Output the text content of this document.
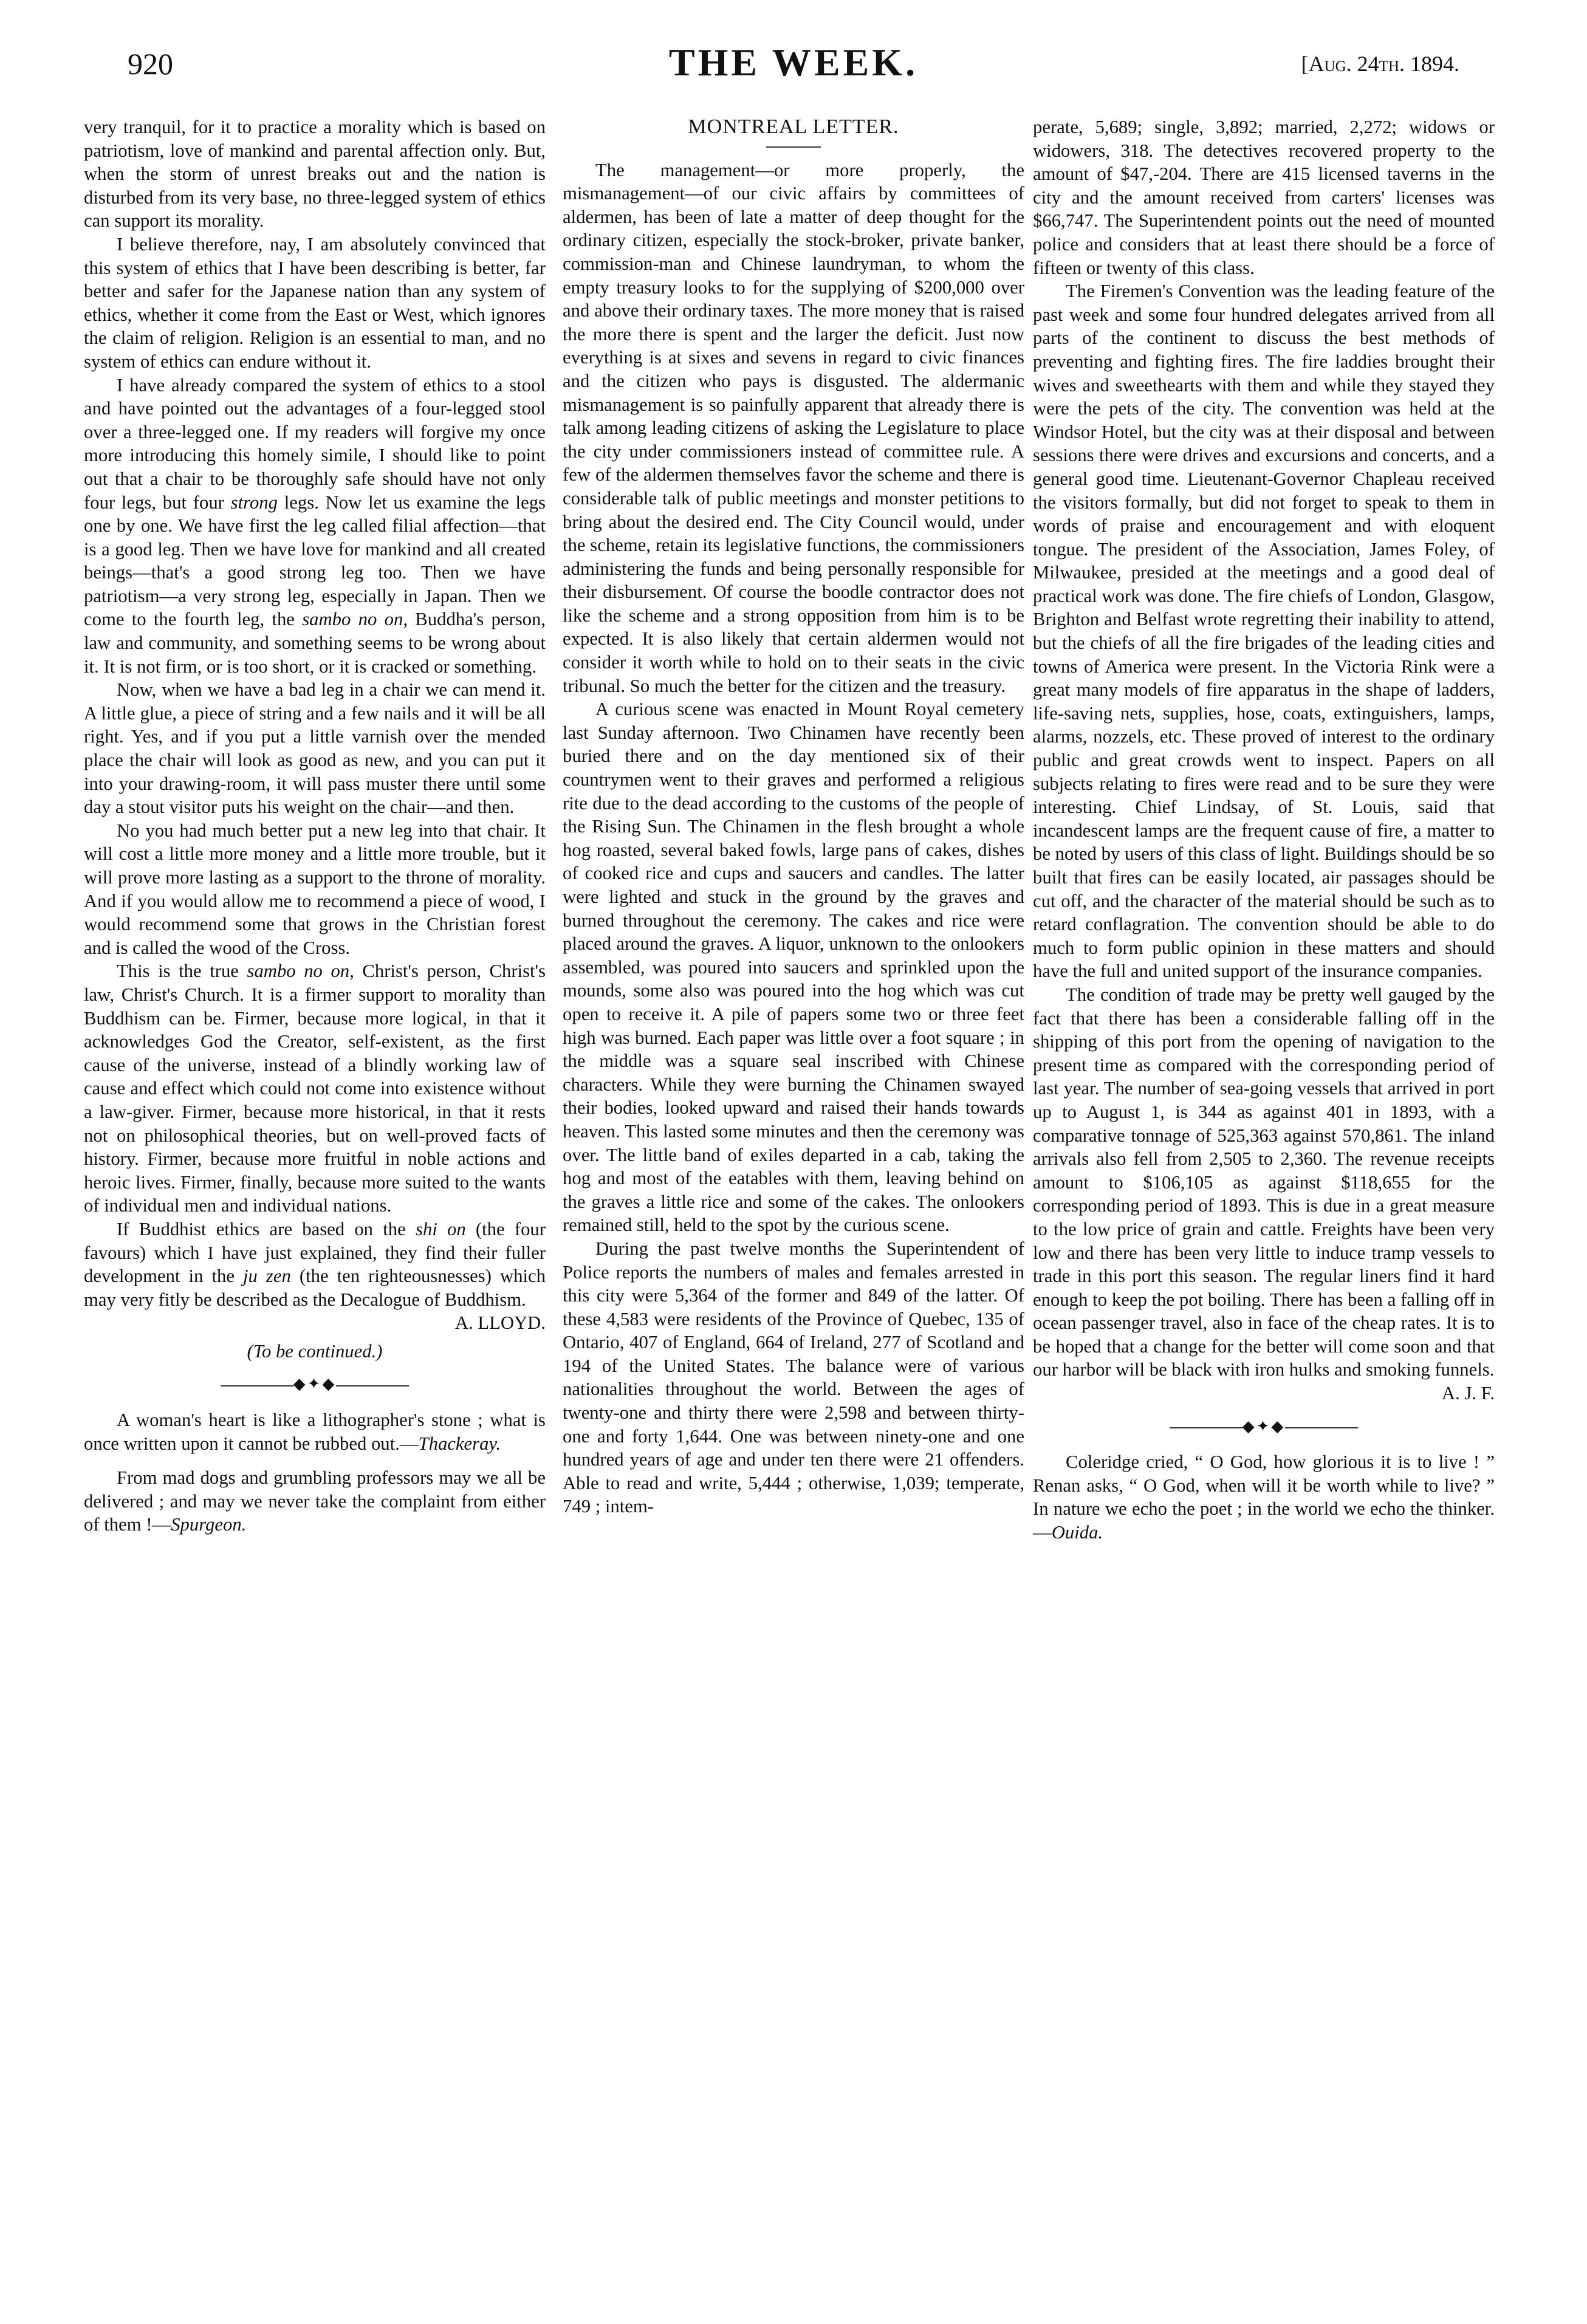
920	THE WEEK.	[Aug. 24th. 1894.

very tranquil, for it to practice a morality which is based on patriotism, love of mankind and parental affection only. But, when the storm of unrest breaks out and the nation is disturbed from its very base, no three-legged system of ethics can support its morality.

I believe therefore, nay, I am absolutely convinced that this system of ethics that I have been describing is better, far better and safer for the Japanese nation than any system of ethics, whether it come from the East or West, which ignores the claim of religion. Religion is an essential to man, and no system of ethics can endure without it.

I have already compared the system of ethics to a stool and have pointed out the advantages of a four-legged stool over a three-legged one. If my readers will forgive my once more introducing this homely simile, I should like to point out that a chair to be thoroughly safe should have not only four legs, but four strong legs. Now let us examine the legs one by one. We have first the leg called filial affection—that is a good leg. Then we have love for mankind and all created beings—that's a good strong leg too. Then we have patriotism—a very strong leg, especially in Japan. Then we come to the fourth leg, the sambo no on, Buddha's person, law and community, and something seems to be wrong about it. It is not firm, or is too short, or it is cracked or something.

Now, when we have a bad leg in a chair we can mend it. A little glue, a piece of string and a few nails and it will be all right. Yes, and if you put a little varnish over the mended place the chair will look as good as new, and you can put it into your drawing-room, it will pass muster there until some day a stout visitor puts his weight on the chair—and then.

No you had much better put a new leg into that chair. It will cost a little more money and a little more trouble, but it will prove more lasting as a support to the throne of morality. And if you would allow me to recommend a piece of wood, I would recommend some that grows in the Christian forest and is called the wood of the Cross.

This is the true sambo no on, Christ's person, Christ's law, Christ's Church. It is a firmer support to morality than Buddhism can be. Firmer, because more logical, in that it acknowledges God the Creator, self-existent, as the first cause of the universe, instead of a blindly working law of cause and effect which could not come into existence without a law-giver. Firmer, because more historical, in that it rests not on philosophical theories, but on well-proved facts of history. Firmer, because more fruitful in noble actions and heroic lives. Firmer, finally, because more suited to the wants of individual men and individual nations.

If Buddhist ethics are based on the shi on (the four favours) which I have just explained, they find their fuller development in the ju zen (the ten righteousnesses) which may very fitly be described as the Decalogue of Buddhism.

A. LLOYD.
(To be continued.)
◆✦◆

A woman's heart is like a lithographer's stone ; what is once written upon it cannot be rubbed out.—Thackeray.

From mad dogs and grumbling professors may we all be delivered ; and may we never take the complaint from either of them !—Spurgeon.

MONTREAL LETTER.

The management—or more properly, the mismanagement—of our civic affairs by committees of aldermen, has been of late a matter of deep thought for the ordinary citizen, especially the stock-broker, private banker, commission-man and Chinese laundryman, to whom the empty treasury looks to for the supplying of $200,000 over and above their ordinary taxes. The more money that is raised the more there is spent and the larger the deficit. Just now everything is at sixes and sevens in regard to civic finances and the citizen who pays is disgusted. The aldermanic mismanagement is so painfully apparent that already there is talk among leading citizens of asking the Legislature to place the city under commissioners instead of committee rule. A few of the aldermen themselves favor the scheme and there is considerable talk of public meetings and monster petitions to bring about the desired end. The City Council would, under the scheme, retain its legislative functions, the commissioners administering the funds and being personally responsible for their disbursement. Of course the boodle contractor does not like the scheme and a strong opposition from him is to be expected. It is also likely that certain aldermen would not consider it worth while to hold on to their seats in the civic tribunal. So much the better for the citizen and the treasury.

A curious scene was enacted in Mount Royal cemetery last Sunday afternoon. Two Chinamen have recently been buried there and on the day mentioned six of their countrymen went to their graves and performed a religious rite due to the dead according to the customs of the people of the Rising Sun. The Chinamen in the flesh brought a whole hog roasted, several baked fowls, large pans of cakes, dishes of cooked rice and cups and saucers and candles. The latter were lighted and stuck in the ground by the graves and burned throughout the ceremony. The cakes and rice were placed around the graves. A liquor, unknown to the onlookers assembled, was poured into saucers and sprinkled upon the mounds, some also was poured into the hog which was cut open to receive it. A pile of papers some two or three feet high was burned. Each paper was little over a foot square ; in the middle was a square seal inscribed with Chinese characters. While they were burning the Chinamen swayed their bodies, looked upward and raised their hands towards heaven. This lasted some minutes and then the ceremony was over. The little band of exiles departed in a cab, taking the hog and most of the eatables with them, leaving behind on the graves a little rice and some of the cakes. The onlookers remained still, held to the spot by the curious scene.

During the past twelve months the Superintendent of Police reports the numbers of males and females arrested in this city were 5,364 of the former and 849 of the latter. Of these 4,583 were residents of the Province of Quebec, 135 of Ontario, 407 of England, 664 of Ireland, 277 of Scotland and 194 of the United States. The balance were of various nationalities throughout the world. Between the ages of twenty-one and thirty there were 2,598 and between thirty-one and forty 1,644. One was between ninety-one and one hundred years of age and under ten there were 21 offenders. Able to read and write, 5,444 ; otherwise, 1,039; temperate, 749 ; intem-

perate, 5,689; single, 3,892; married, 2,272; widows or widowers, 318. The detectives recovered property to the amount of $47,-204. There are 415 licensed taverns in the city and the amount received from carters' licenses was $66,747. The Superintendent points out the need of mounted police and considers that at least there should be a force of fifteen or twenty of this class.

The Firemen's Convention was the leading feature of the past week and some four hundred delegates arrived from all parts of the continent to discuss the best methods of preventing and fighting fires. The fire laddies brought their wives and sweethearts with them and while they stayed they were the pets of the city. The convention was held at the Windsor Hotel, but the city was at their disposal and between sessions there were drives and excursions and concerts, and a general good time. Lieutenant-Governor Chapleau received the visitors formally, but did not forget to speak to them in words of praise and encouragement and with eloquent tongue. The president of the Association, James Foley, of Milwaukee, presided at the meetings and a good deal of practical work was done. The fire chiefs of London, Glasgow, Brighton and Belfast wrote regretting their inability to attend, but the chiefs of all the fire brigades of the leading cities and towns of America were present. In the Victoria Rink were a great many models of fire apparatus in the shape of ladders, life-saving nets, supplies, hose, coats, extinguishers, lamps, alarms, nozzels, etc. These proved of interest to the ordinary public and great crowds went to inspect. Papers on all subjects relating to fires were read and to be sure they were interesting. Chief Lindsay, of St. Louis, said that incandescent lamps are the frequent cause of fire, a matter to be noted by users of this class of light. Buildings should be so built that fires can be easily located, air passages should be cut off, and the character of the material should be such as to retard conflagration. The convention should be able to do much to form public opinion in these matters and should have the full and united support of the insurance companies.

The condition of trade may be pretty well gauged by the fact that there has been a considerable falling off in the shipping of this port from the opening of navigation to the present time as compared with the corresponding period of last year. The number of sea-going vessels that arrived in port up to August 1, is 344 as against 401 in 1893, with a comparative tonnage of 525,363 against 570,861. The inland arrivals also fell from 2,505 to 2,360. The revenue receipts amount to $106,105 as against $118,655 for the corresponding period of 1893. This is due in a great measure to the low price of grain and cattle. Freights have been very low and there has been very little to induce tramp vessels to trade in this port this season. The regular liners find it hard enough to keep the pot boiling. There has been a falling off in ocean passenger travel, also in face of the cheap rates. It is to be hoped that a change for the better will come soon and that our harbor will be black with iron hulks and smoking funnels.

A. J. F.
◆✦◆

Coleridge cried, “ O God, how glorious it is to live ! ” Renan asks, “ O God, when will it be worth while to live? ” In nature we echo the poet ; in the world we echo the thinker.—Ouida.
